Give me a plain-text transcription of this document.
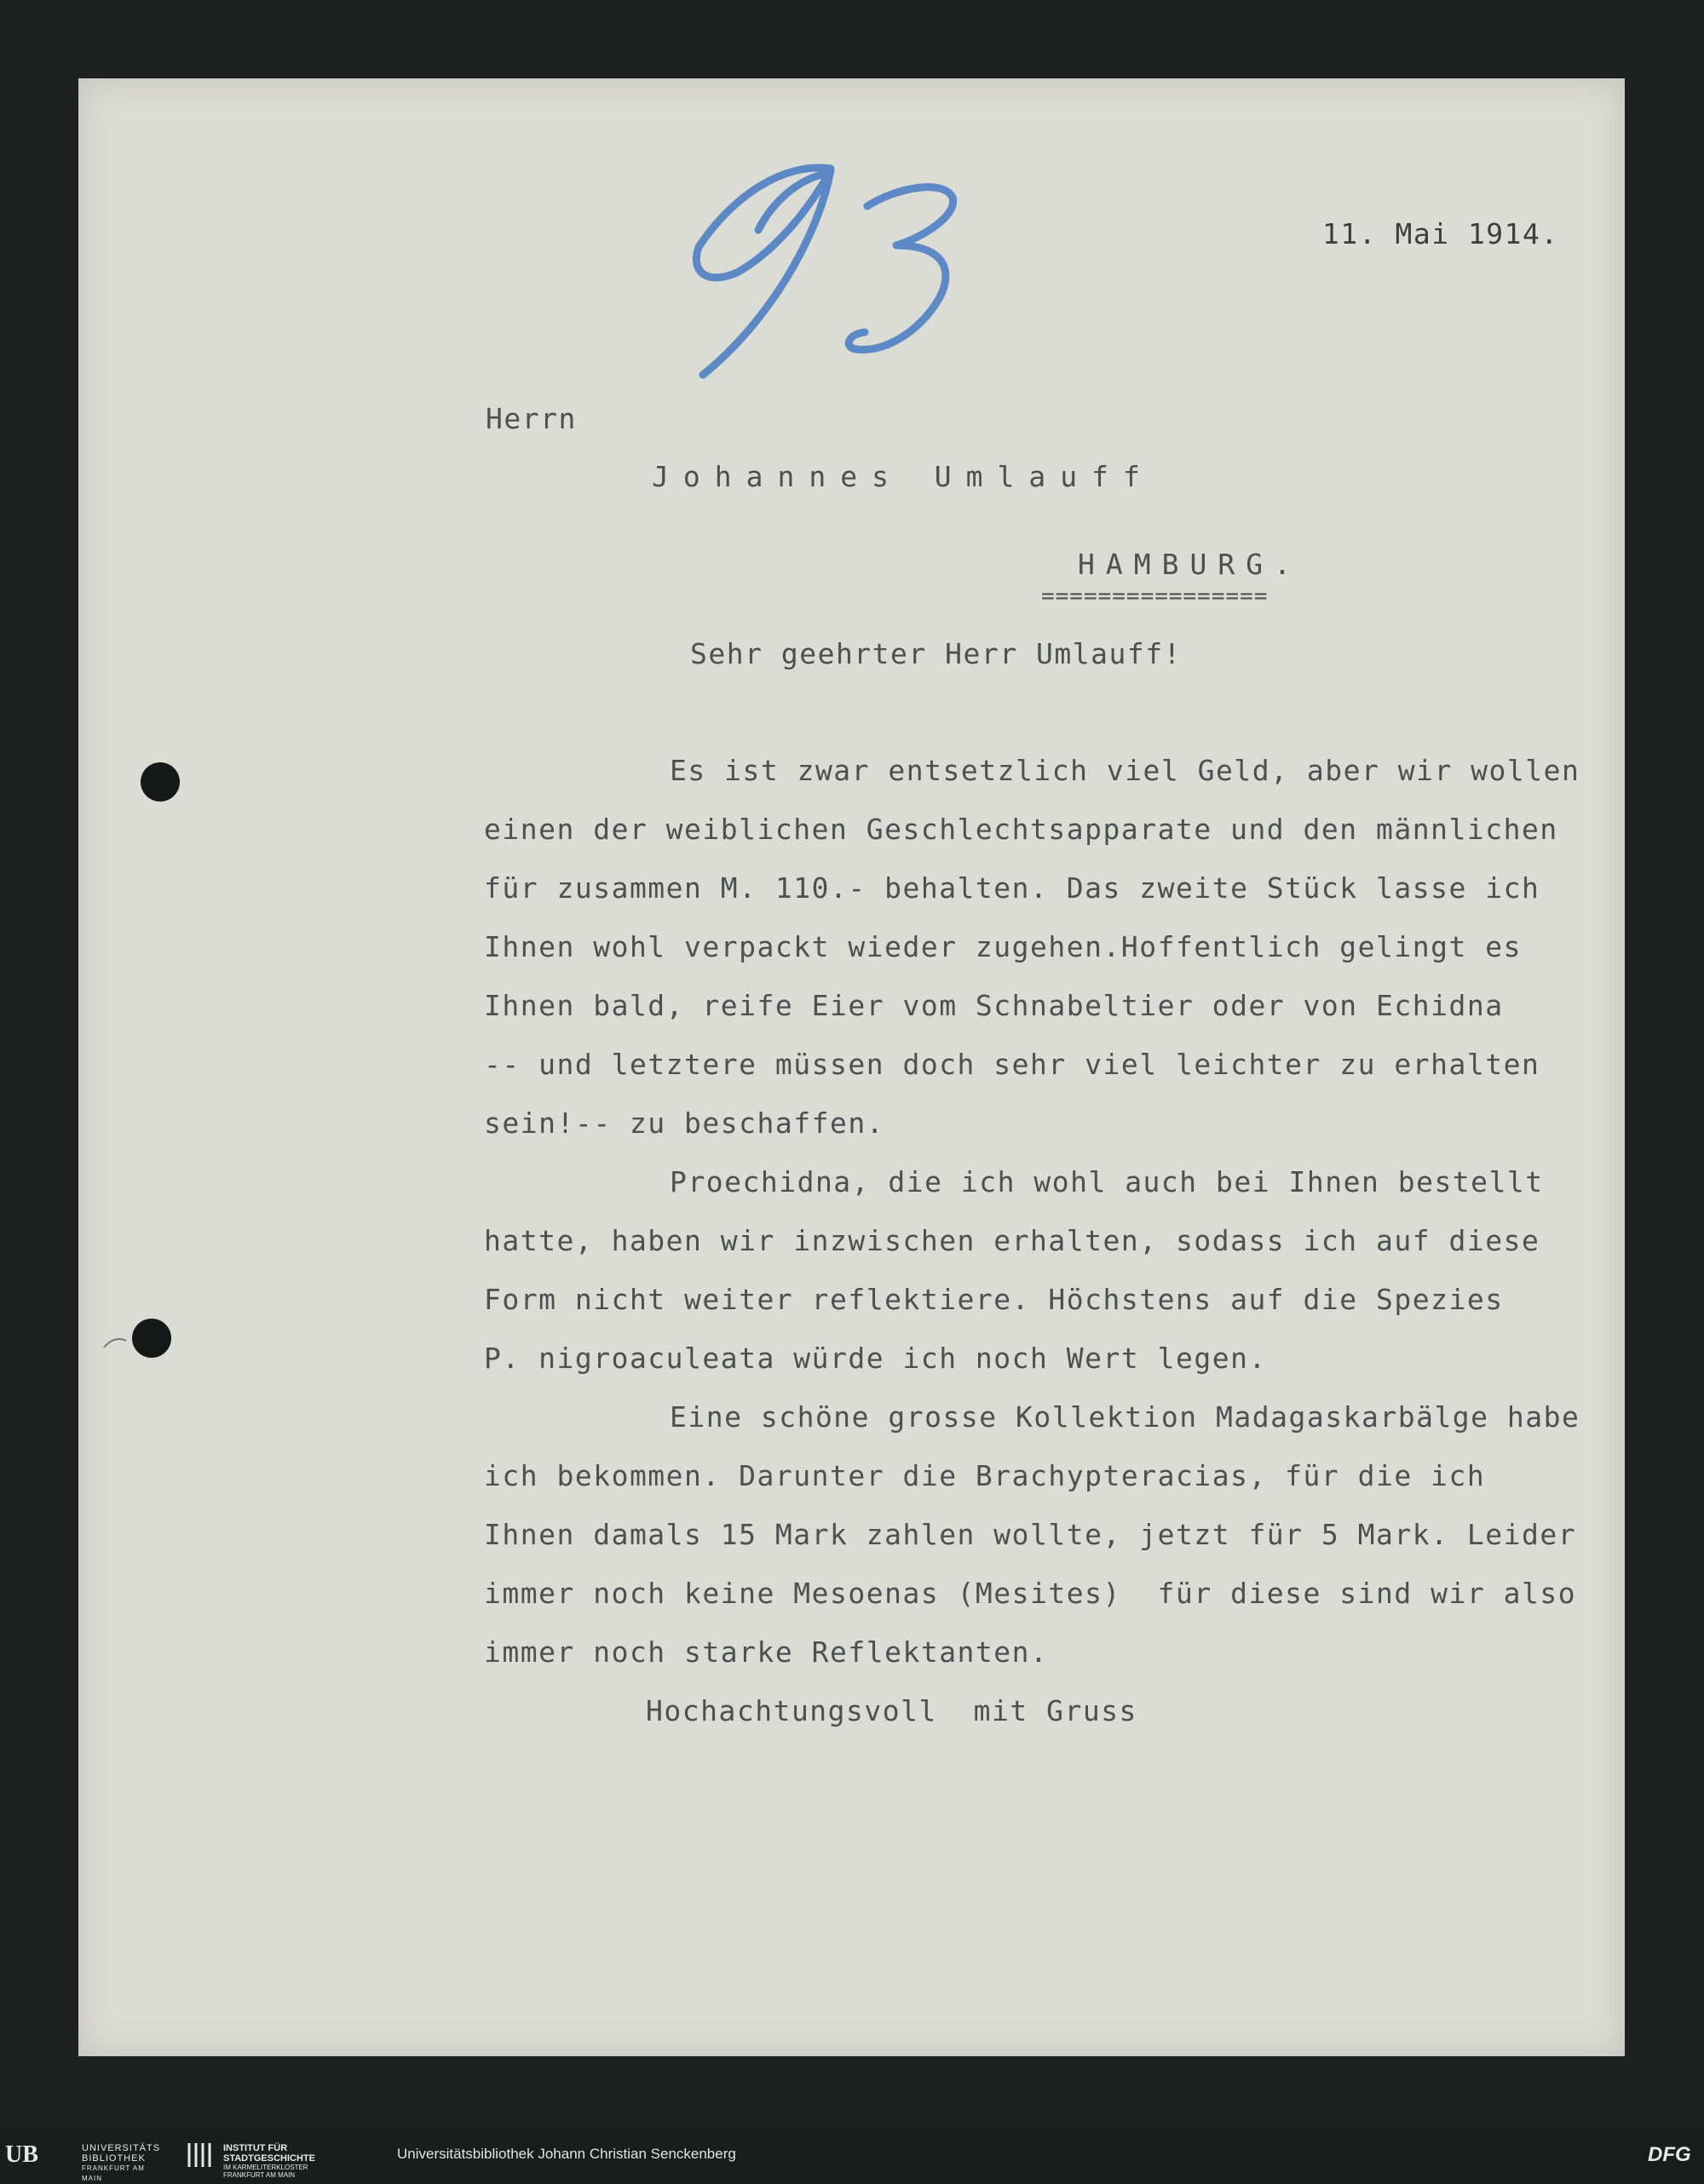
11. Mai 1914.
Herrn
Johannes Umlauff
HAMBURG.
================
Sehr geehrter Herr Umlauff!
Es ist zwar entsetzlich viel Geld, aber wir wollen
einen der weiblichen Geschlechtsapparate und den männlichen
für zusammen M. 110.- behalten. Das zweite Stück lasse ich
Ihnen wohl verpackt wieder zugehen.Hoffentlich gelingt es
Ihnen bald, reife Eier vom Schnabeltier oder von Echidna
-- und letztere müssen doch sehr viel leichter zu erhalten
sein!-- zu beschaffen.
Proechidna, die ich wohl auch bei Ihnen bestellt
hatte, haben wir inzwischen erhalten, sodass ich auf diese
Form nicht weiter reflektiere. Höchstens auf die Spezies
P. nigroaculeata würde ich noch Wert legen.
Eine schöne grosse Kollektion Madagaskarbälge habe
ich bekommen. Darunter die Brachypteracias, für die ich
Ihnen damals 15 Mark zahlen wollte, jetzt für 5 Mark. Leider
immer noch keine Mesoenas (Mesites)  für diese sind wir also
immer noch starke Reflektanten.
Hochachtungsvoll  mit Gruss
UB	UNIVERSITÄTS
BIBLIOTHEK
FRANKFURT AM MAIN
INSTITUT FÜR
STADTGESCHICHTE
IM KARMELITERKLOSTER
FRANKFURT AM MAIN
Universitätsbibliothek Johann Christian Senckenberg	DFG
